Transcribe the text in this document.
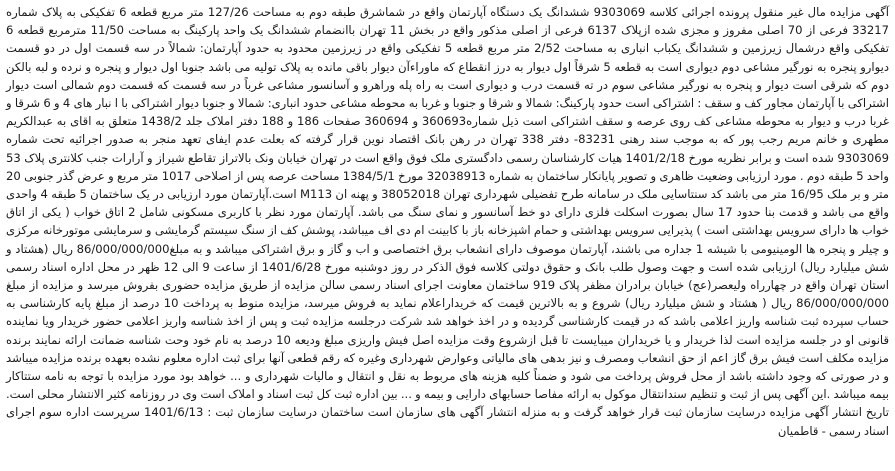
آگهی مزایده مال غیر منقول پرونده اجرائی کلاسه 9303069 ششدانگ یک دستگاه آپارتمان واقع در شماشرق طبقه دوم به مساحت 127/26 متر مربع قطعه 6 تفکیکی به پلاک شماره 33217 فرعی از 70 اصلی مفروز و مجزی شده ازپلاک 6137 فرعی از اصلی مذکور واقع در بخش 11 تهران باانضمام ششدانگ یک واحد پارکینگ به مساحت 11/50 مترمربع قطعه 6 تفکیکی واقع درشمال زیرزمین و ششدانگ یکباب انباری به مساحت 2/52 متر مربع قطعه 5 تفکیکی واقع در زیرزمین محدود به حدود آپارتمان: شمالاً در سه قسمت اول در دو قسمت دیوارو پنجره به نورگیر مشاعی دوم دیواری است به قطعه 5 شرقاً اول دیوار به درز انقطاع که ماوراءآن دیوار باقی مانده به پلاک تولیه می باشد جنوبا اول دیوار و پنجره و نرده و لبه بالکن دوم که شرقی است دیوار و پنجره به نورگیر مشاعی سوم در ته قسمت درب و دیواری است به راه پله وراهرو و آسانسور مشاعی غرباً در سه قسمت که قسمت دوم شمالی است دیوار اشتراکی با آپارتمان مجاور کف و سقف : اشتراکی است حدود پارکینگ: شمالا و شرقا و جنوبا و غربا به محوطه مشاعی حدود انباری: شمالا و جنوبا دیوار اشتراکی با ا نبار های 4 و 6 شرقا و غربا درب و دیوار به محوطه مشاعی کف روی عرصه و سقف اشتراکی است ذیل شماره360693 و 360694 صفحات 186 و 188 دفتر املاک جلد 1438/2 متعلق به اقای به عبدالکریم مطهری و خانم مریم رجب پور که به موجب سند رهنی 83231- دفتر 338 تهران در رهن بانک اقتصاد نوین قرار گرفته که بعلت عدم ایفای تعهد منجر به صدور اجرائیه تحت شماره 9303069 شده است و برابر نظریه مورخ 1401/2/18 هیات کارشناسان رسمی دادگستری ملک فوق واقع است در تهران خیابان ونک بالاتراز تقاطع شیراز و آرارات جنب کلانتری پلاک 53 واحد 5 طبقه دوم . مورد ارزیابی وضعیت ظاهری و تصویر پایانکار ساختمان به شماره 32038913 مورخ 1384/5/1 مساحت عرصه پس از اصلاحی 1017 متر مربع و عرض گذر جنوبی 20 متر و بر ملک 16/95 متر می باشد کد سنتاسایی ملک در سامانه طرح تفضیلی شهرداری تهران 38052018 و پهنه ان M113 است.آپارتمان مورد ارزیابی در یک ساختمان 5 طبقه 4 واحدی واقع می باشد و قدمت بنا حدود 17 سال بصورت اسکلت فلزی دارای دو خط آسانسور و نمای سنگ می باشد. آپارتمان مورد نظر با کاربری مسکونی شامل 2 اتاق خواب ( یکی از اتاق خواب ها دارای سرویس بهداشتی است ) پذیرایی سرویس بهداشتی و حمام اشپزخانه باز با کابینت ام دی اف میباشد، پوشش کف از سنگ سیستم گرمایشی و سرمایشی موتورخانه مرکزی و چیلر و پنجره ها الومینیومی با شیشه 1 جداره می باشند، آپارتمان موصوف دارای انشعاب برق اختصاصی و اب و گاز و برق اشتراکی میباشد و به مبلغ86/000/000/000 ریال (هشتاد و شش میلیارد ریال) ارزیابی شده است و جهت وصول طلب بانک و حقوق دولتی کلاسه فوق الذکر در روز دوشنبه مورخ 1401/6/28 از ساعت 9 الی 12 ظهر در محل اداره اسناد رسمی استان تهران واقع در چهارراه ولیعصر(عج) خیابان برادران مظفر پلاک 919 ساختمان معاونت اجرای اسناد رسمی سالن مزایده از طریق مزایده حضوری بفروش میرسد و مزایده از مبلغ 86/000/000/000 ریال ( هشتاد و شش میلیارد ریال) شروع و به بالاترین قیمت که خریداراعلام نماید به فروش میرسد، مزایده منوط به پرداخت 10 درصد از مبلغ پایه کارشناسی به حساب سپرده ثبت شناسه واریز اعلامی باشد که در قیمت کارشناسی گردیده و در اخذ خواهد شد شرکت درجلسه مزایده ثبت و پس از اخذ شناسه واریز اعلامی حضور خریدار ویا نماینده قانونی او در جلسه مزایده است لذا خریدار و یا خریداران میبایست تا قبل ازشروع وقت مزایده اصل فیش واریزی مبلغ ودیعه 10 درصد به نام خود وحت شناسه ضمانت ارائه نمایند برنده مزایده مکلف است فیش برق گاز اعم از حق انشعاب ومصرف و نیز بدهی های مالیاتی وعوارض شهرداری وغیره که رقم قطعی آنها برای ثبت اداره معلوم نشده بعهده برنده مزایده میباشد و در صورتی که وجود داشته باشد از محل فروش پرداخت می شود و ضمناً کلیه هزینه های مربوط به نقل و انتقال و مالیات شهرداری و ... خواهد بود مورد مزایده با توجه به نامه ستتاکار بیمه میباشد .این آگهی پس از ثبت و تنظیم سندانتقال موکول به ارائه مفاصا حسابهای دارایی و بیمه و ... بین اداره ثبت کل ثبت اسناد و املاک است وی در روزنامه کثیر الانتشار محلی است. تاریخ انتشار آگهی مزایده درسایت سازمان ثبت قرار خواهد گرفت و به منزله انتشار آگهی های سازمان است ساختمان درسایت سازمان ثبت : 1401/6/13 سرپرست اداره سوم اجرای اسناد رسمی - قاطمیان
